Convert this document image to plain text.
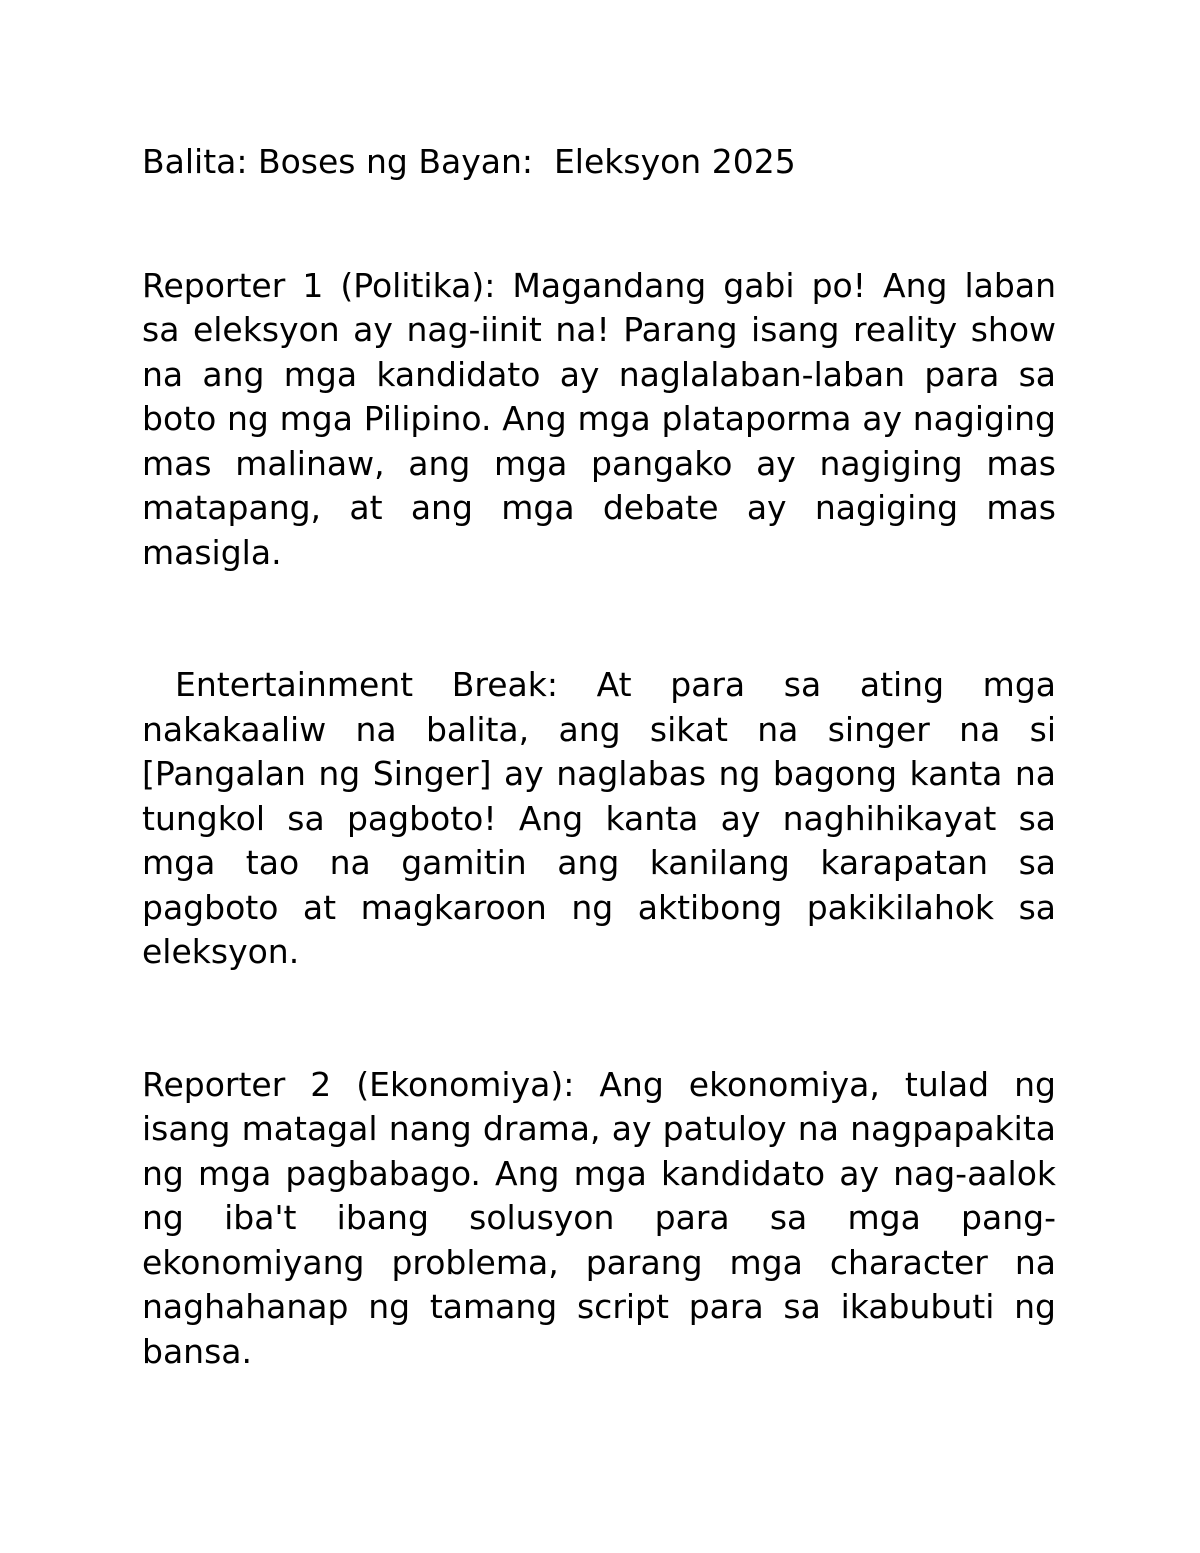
Balita: Boses ng Bayan:  Eleksyon 2025

Reporter 1 (Politika): Magandang gabi po! Ang laban sa eleksyon ay nag-iinit na! Parang isang reality show na ang mga kandidato ay naglalaban-laban para sa boto ng mga Pilipino. Ang mga plataporma ay nagiging mas malinaw, ang mga pangako ay nagiging mas matapang, at ang mga debate ay nagiging mas masigla.

Entertainment Break: At para sa ating mga nakakaaliw na balita, ang sikat na singer na si [Pangalan ng Singer] ay naglabas ng bagong kanta na tungkol sa pagboto! Ang kanta ay naghihikayat sa mga tao na gamitin ang kanilang karapatan sa pagboto at magkaroon ng aktibong pakikilahok sa eleksyon.

Reporter 2 (Ekonomiya): Ang ekonomiya, tulad ng isang matagal nang drama, ay patuloy na nagpapakita ng mga pagbabago. Ang mga kandidato ay nag-aalok ng iba't ibang solusyon para sa mga pang-ekonomiyang problema, parang mga character na naghahanap ng tamang script para sa ikabubuti ng bansa.
